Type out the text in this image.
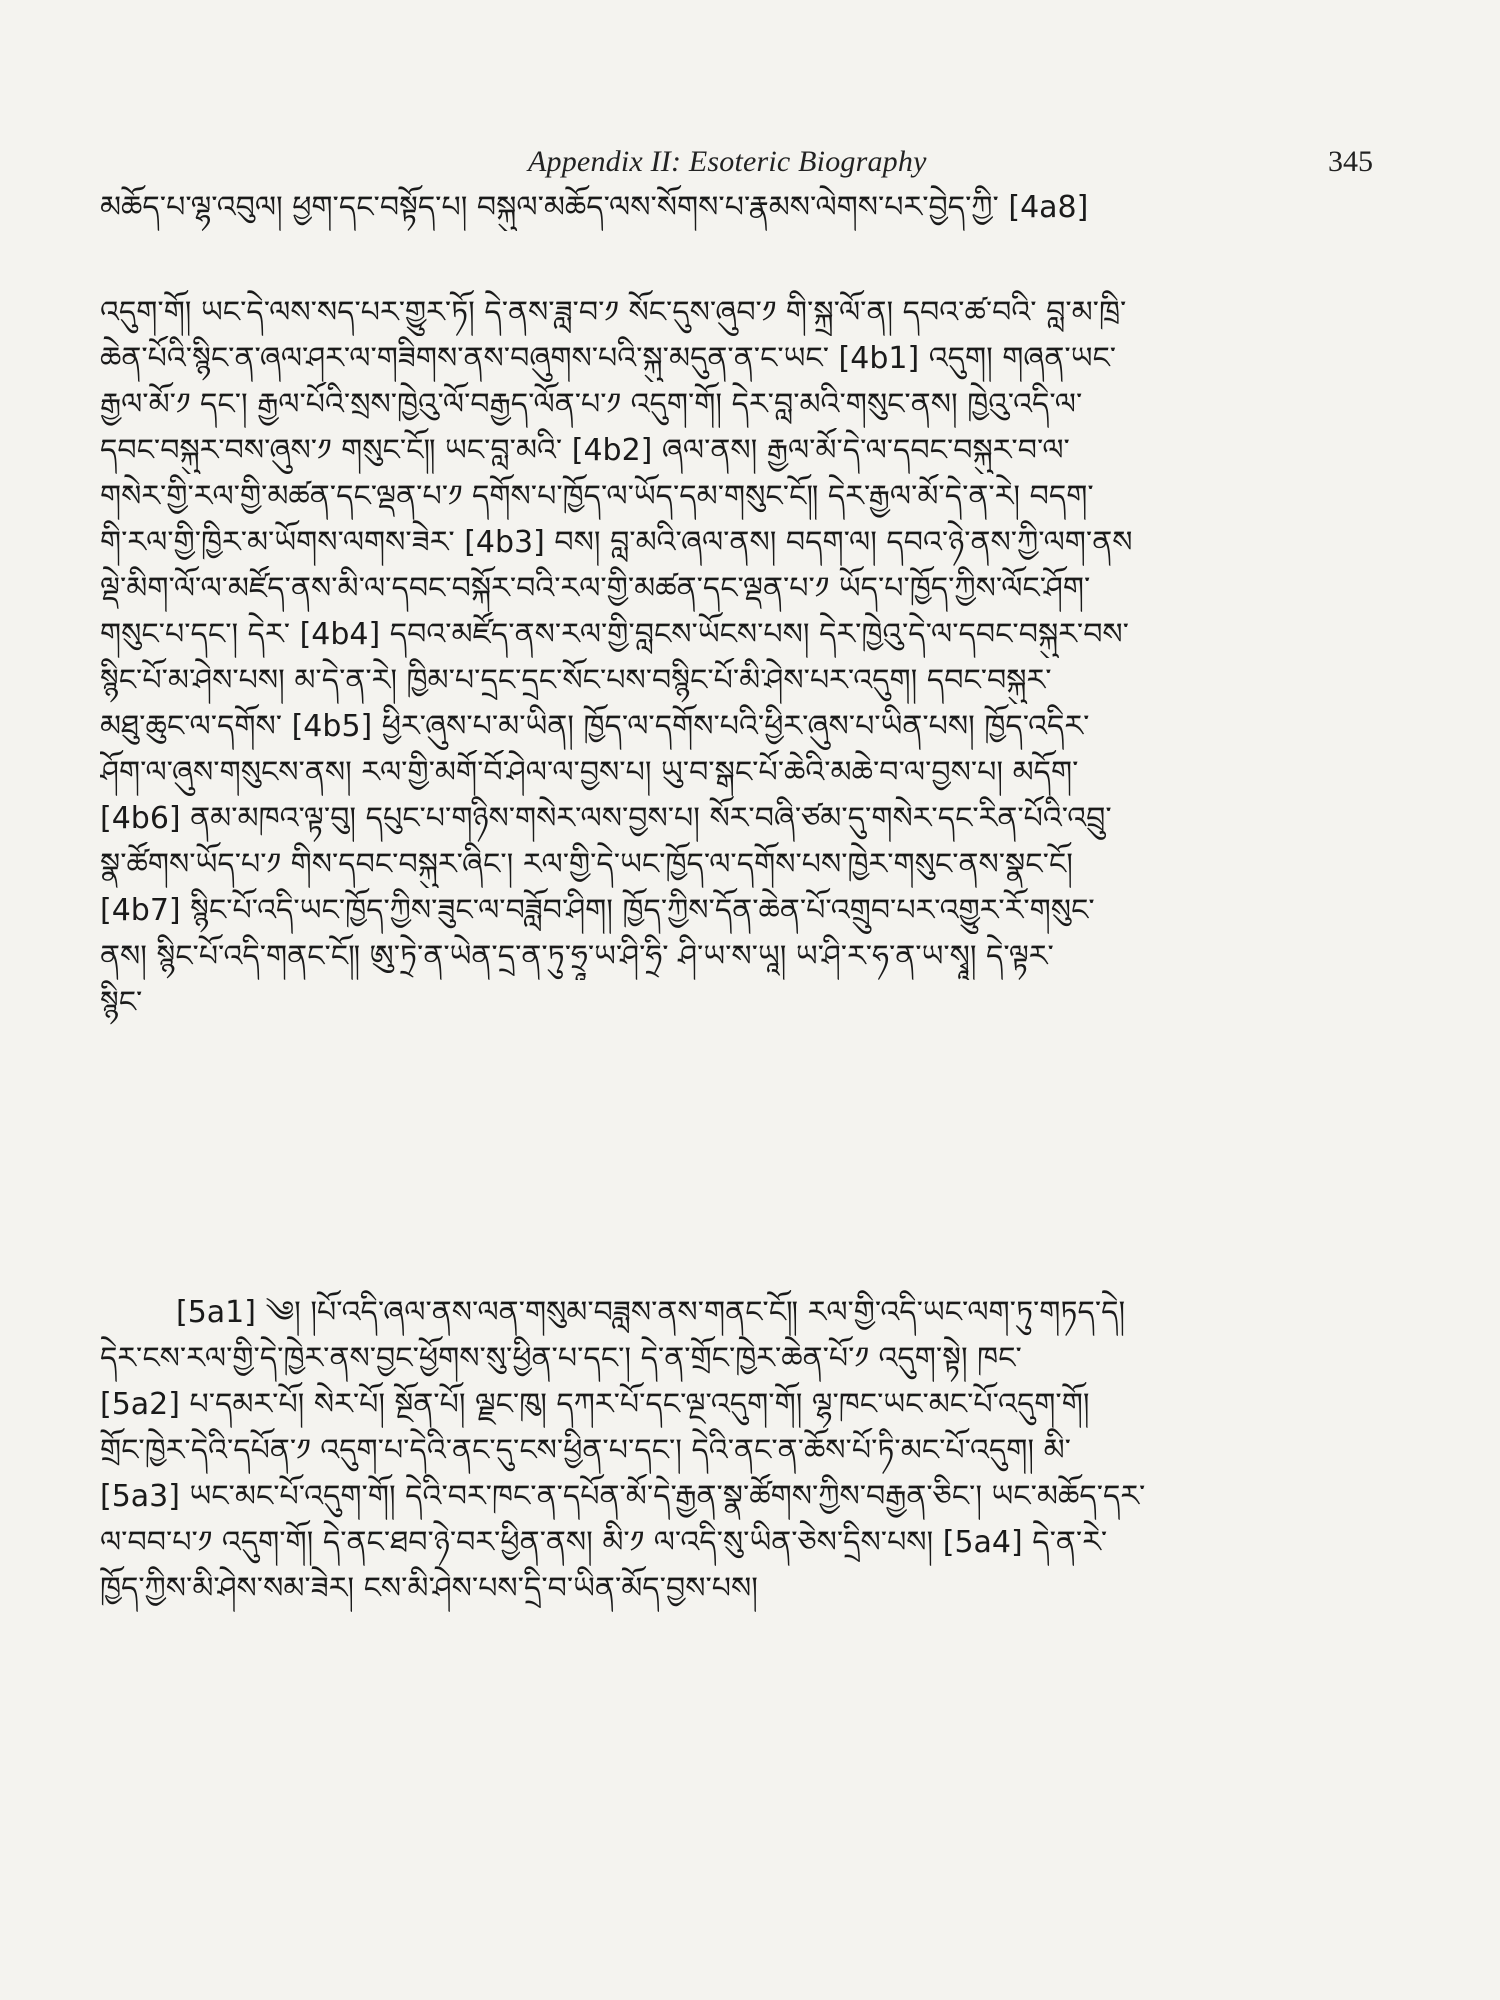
Appendix II: Esoteric Biography	345
མཆོད་པ་ལྷ་འབུལ། ཕྱག་དང་བསྟོད་པ། བསྐུལ་མཆོད་ལས་སོགས་པ་རྣམས་ལེགས་པར་བྱེད་ཀྱི་ [4a8]
འདུག་གོ། ཡང་དེ་ལས་སད་པར་གྱུར་ཏོ། དེ་ནས་ཟླ་བ་༡ སོང་དུས་ཞུབ་༡ གི་སྐྲ་ལོ་ན། དབའ་ཚ་བའི་ བླ་མ་ཁྲི་
ཆེན་པོའི་སྙིང་ན་ཞལ་ཤར་ལ་གཟིགས་ནས་བཞུགས་པའི་སྐུ་མདུན་ན་ང་ཡང་ [4b1] འདུག། གཞན་ཡང་
རྒྱལ་མོ་༡ དང་། རྒྱལ་པོའི་སྲས་ཁྱེའུ་ལོ་བརྒྱད་ལོན་པ་༡ འདུག་གོ། དེར་བླ་མའི་གསུང་ནས། ཁྱེའུ་འདི་ལ་
དབང་བསྐུར་བས་ཞུས་༡ གསུང་ངོ༎ ཡང་བླ་མའི་ [4b2] ཞལ་ནས། རྒྱལ་མོ་དེ་ལ་དབང་བསྐུར་བ་ལ་
གསེར་གྱི་རལ་གྱི་མཚན་དང་ལྡན་པ་༡ དགོས་པ་ཁྱོད་ལ་ཡོད་དམ་གསུང་ངོ༎ དེར་རྒྱལ་མོ་དེ་ན་རེ། བདག་
གི་རལ་གྱི་ཁྱིར་མ་ཡོགས་ལགས་ཟེར་ [4b3] བས། བླ་མའི་ཞལ་ནས། བདག་ལ། དབའ་ཉེ་ནས་ཀྱི་ལག་ནས
ལྡེ་མིག་ལོ་ལ་མཛོད་ནས་མི་ལ་དབང་བསྐོར་བའི་རལ་གྱི་མཚན་དང་ལྡན་པ་༡ ཡོད་པ་ཁྱོད་ཀྱིས་ལོང་ཤོག་
གསུང་པ་དང་། དེར་ [4b4] དབའ་མཛོད་ནས་རལ་གྱི་བླངས་ཡོངས་པས། དེར་ཁྱེའུ་དེ་ལ་དབང་བསྐུར་བས་
སྙིང་པོ་མ་ཤེས་པས། མ་དེ་ན་རེ། ཁྱིམ་པ་དྲང་དྲང་སོང་པས་བསྙིང་པོ་མི་ཤེས་པར་འདུག། དབང་བསྐུར་
མཐུ་ཆུང་ལ་དགོས་ [4b5] ཕྱིར་ཞུས་པ་མ་ཡིན། ཁྱོད་ལ་དགོས་པའི་ཕྱིར་ཞུས་པ་ཡིན་པས། ཁྱོད་འདིར་
ཤོག་ལ་ཞུས་གསུངས་ནས། རལ་གྱི་མགོ་བོ་ཤེལ་ལ་བྱས་པ། ཡུ་བ་སྒང་པོ་ཆེའི་མཆེ་བ་ལ་བྱས་པ། མདོག་
[4b6] ནམ་མཁའ་ལྟ་བུ། དཔུང་པ་གཉིས་གསེར་ལས་བྱས་པ། སོར་བཞི་ཙམ་དུ་གསེར་དང་རིན་པོའི་འབྲུ་
སྣ་ཚོགས་ཡོད་པ་༡ གིས་དབང་བསྐུར་ཞིང་། རལ་གྱི་དེ་ཡང་ཁྱོད་ལ་དགོས་པས་ཁྱེར་གསུང་ནས་སྣང་ངོ།
[4b7] སྙིང་པོ་འདི་ཡང་ཁྱོད་ཀྱིས་ཟུང་ལ་བཟློབ་ཤིག། ཁྱོད་ཀྱིས་དོན་ཆེན་པོ་འགྲུབ་པར་འགྱུར་རོ་གསུང་
ནས། སྙིང་པོ་འདི་གནང་ངོ༎ ཨུ་ཏྲེ་ན་ཡེན་དྲ་ན་ཏུ་ཧྲཱ་ཡ་ཤི་ཧྲི་ ཤི་ཡ་ས་ཡཱ། ཡ་ཤི་ར་ཧ་ན་ཡ་སྭཱ། དེ་ལྟར་
སྙིང་
[5a1] ༄། །པོ་འདི་ཞལ་ནས་ལན་གསུམ་བཟླས་ནས་གནང་ངོ༎ རལ་གྱི་འདི་ཡང་ལག་ཏུ་གཏད་དེ།
དེར་ངས་རལ་གྱི་དེ་ཁྱེར་ནས་བྱང་ཕྱོགས་སུ་ཕྱིན་པ་དང་། དེ་ན་གྲོང་ཁྱེར་ཆེན་པོ་༡ འདུག་སྟེ། ཁང་
[5a2] པ་དམར་པོ། སེར་པོ། སྔོན་པོ། ལྗང་ཁུ། དཀར་པོ་དང་ལྔ་འདུག་གོ། ལྷ་ཁང་ཡང་མང་པོ་འདུག་གོ།
གྲོང་ཁྱེར་དེའི་དཔོན་༡ འདུག་པ་དེའི་ནང་དུ་ངས་ཕྱིན་པ་དང་། དེའི་ནང་ན་ཆོས་པོ་ཏི་མང་པོ་འདུག། མི་
[5a3] ཡང་མང་པོ་འདུག་གོ། དེའི་བར་ཁང་ན་དཔོན་མོ་དེ་རྒྱན་སྣ་ཚོགས་ཀྱིས་བརྒྱན་ཅིང་། ཡང་མཆོད་དར་
ལ་བབ་པ་༡ འདུག་གོ། དེ་ནང་ཐབ་ཉེ་བར་ཕྱིན་ནས། མི་༡ ལ་འདི་སུ་ཡིན་ཅེས་དྲིས་པས། [5a4] དེ་ན་རེ་
ཁྱོད་ཀྱིས་མི་ཤེས་སམ་ཟེར། ངས་མི་ཤེས་པས་དྲི་བ་ཡིན་མོད་བྱས་པས།
